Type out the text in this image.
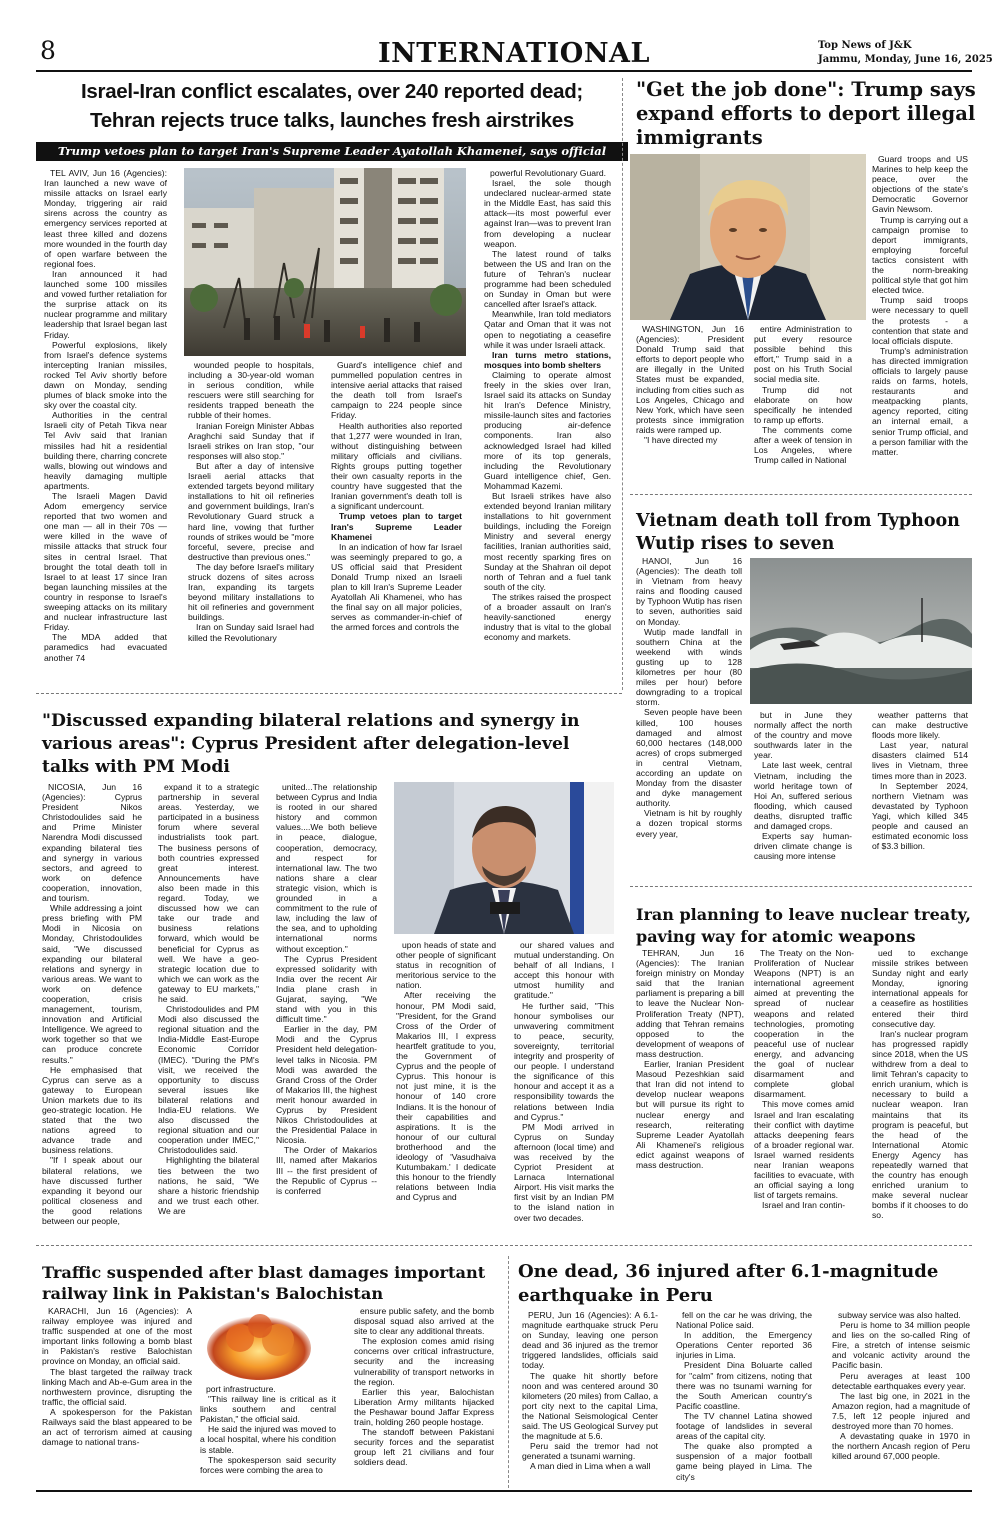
8	INTERNATIONAL	Top News of J&K
Jammu, Monday, June 16, 2025
Israel-Iran conflict escalates, over 240 reported dead;
Tehran rejects truce talks, launches fresh airstrikes
Trump vetoes plan to target Iran's Supreme Leader Ayatollah Khamenei, says official

TEL AVIV, Jun 16 (Agencies): Iran launched a new wave of missile attacks on Israel early Monday, triggering air raid sirens across the country as emergency services reported at least three killed and dozens more wounded in the fourth day of open warfare between the regional foes.

Iran announced it had launched some 100 missiles and vowed further retaliation for the surprise attack on its nuclear programme and military leadership that Israel began last Friday.

Powerful explosions, likely from Israel's defence systems intercepting Iranian missiles, rocked Tel Aviv shortly before dawn on Monday, sending plumes of black smoke into the sky over the coastal city.

Authorities in the central Israeli city of Petah Tikva near Tel Aviv said that Iranian missiles had hit a residential building there, charring concrete walls, blowing out windows and heavily damaging multiple apartments.

The Israeli Magen David Adom emergency service reported that two women and one man — all in their 70s — were killed in the wave of missile attacks that struck four sites in central Israel. That brought the total death toll in Israel to at least 17 since Iran began launching missiles at the country in response to Israel's sweeping attacks on its military and nuclear infrastructure last Friday.

The MDA added that paramedics had evacuated another 74

wounded people to hospitals, including a 30-year-old woman in serious condition, while rescuers were still searching for residents trapped beneath the rubble of their homes.

Iranian Foreign Minister Abbas Araghchi said Sunday that if Israeli strikes on Iran stop, "our responses will also stop."

But after a day of intensive Israeli aerial attacks that extended targets beyond military installations to hit oil refineries and government buildings, Iran's Revolutionary Guard struck a hard line, vowing that further rounds of strikes would be "more forceful, severe, precise and destructive than previous ones."

The day before Israel's military struck dozens of sites across Iran, expanding its targets beyond military installations to hit oil refineries and government buildings.

Iran on Sunday said Israel had killed the Revolutionary

Guard's intelligence chief and pummelled population centres in intensive aerial attacks that raised the death toll from Israel's campaign to 224 people since Friday.

Health authorities also reported that 1,277 were wounded in Iran, without distinguishing between military officials and civilians. Rights groups putting together their own casualty reports in the country have suggested that the Iranian government's death toll is a significant undercount.

Trump vetoes plan to target Iran's Supreme Leader Khamenei

In an indication of how far Israel was seemingly prepared to go, a US official said that President Donald Trump nixed an Israeli plan to kill Iran's Supreme Leader Ayatollah Ali Khamenei, who has the final say on all major policies, serves as commander-in-chief of the armed forces and controls the

powerful Revolutionary Guard.

Israel, the sole though undeclared nuclear-armed state in the Middle East, has said this attack—its most powerful ever against Iran—was to prevent Iran from developing a nuclear weapon.

The latest round of talks between the US and Iran on the future of Tehran's nuclear programme had been scheduled on Sunday in Oman but were cancelled after Israel's attack.

Meanwhile, Iran told mediators Qatar and Oman that it was not open to negotiating a ceasefire while it was under Israeli attack.

Iran turns metro stations, mosques into bomb shelters

Claiming to operate almost freely in the skies over Iran, Israel said its attacks on Sunday hit Iran's Defence Ministry, missile-launch sites and factories producing air-defence components. Iran also acknowledged Israel had killed more of its top generals, including the Revolutionary Guard intelligence chief, Gen. Mohammad Kazemi.

But Israeli strikes have also extended beyond Iranian military installations to hit government buildings, including the Foreign Ministry and several energy facilities, Iranian authorities said, most recently sparking fires on Sunday at the Shahran oil depot north of Tehran and a fuel tank south of the city.

The strikes raised the prospect of a broader assault on Iran's heavily-sanctioned energy industry that is vital to the global economy and markets.

"Get the job done": Trump says expand efforts to deport illegal immigrants

WASHINGTON, Jun 16 (Agencies): President Donald Trump said that efforts to deport people who are illegally in the United States must be expanded, including from cities such as Los Angeles, Chicago and New York, which have seen protests since immigration raids were ramped up.

"I have directed my

entire Administration to put every resource possible behind this effort," Trump said in a post on his Truth Social social media site.

Trump did not elaborate on how specifically he intended to ramp up efforts.

The comments come after a week of tension in Los Angeles, where Trump called in National

Guard troops and US Marines to help keep the peace, over the objections of the state's Democratic Governor Gavin Newsom.

Trump is carrying out a campaign promise to deport immigrants, employing forceful tactics consistent with the norm-breaking political style that got him elected twice.

Trump said troops were necessary to quell the protests - a contention that state and local officials dispute.

Trump's administration has directed immigration officials to largely pause raids on farms, hotels, restaurants and meatpacking plants, agency reported, citing an internal email, a senior Trump official, and a person familiar with the matter.

Vietnam death toll from Typhoon Wutip rises to seven

HANOI, Jun 16 (Agencies): The death toll in Vietnam from heavy rains and flooding caused by Typhoon Wutip has risen to seven, authorities said on Monday.

Wutip made landfall in southern China at the weekend with winds gusting up to 128 kilometres per hour (80 miles per hour) before downgrading to a tropical storm.

Seven people have been killed, 100 houses damaged and almost 60,000 hectares (148,000 acres) of crops submerged in central Vietnam, according an update on Monday from the disaster and dyke management authority.

Vietnam is hit by roughly a dozen tropical storms every year,

but in June they normally affect the north of the country and move southwards later in the year.

Late last week, central Vietnam, including the world heritage town of Hoi An, suffered serious flooding, which caused deaths, disrupted traffic and damaged crops.

Experts say human-driven climate change is causing more intense

weather patterns that can make destructive floods more likely.

Last year, natural disasters claimed 514 lives in Vietnam, three times more than in 2023.

In September 2024, northern Vietnam was devastated by Typhoon Yagi, which killed 345 people and caused an estimated economic loss of $3.3 billion.

"Discussed expanding bilateral relations and synergy in various areas": Cyprus President after delegation-level talks with PM Modi

NICOSIA, Jun 16 (Agencies): Cyprus President Nikos Christodoulides said he and Prime Minister Narendra Modi discussed expanding bilateral ties and synergy in various sectors, and agreed to work on defence cooperation, innovation, and tourism.

While addressing a joint press briefing with PM Modi in Nicosia on Monday, Christodoulides said, "We discussed expanding our bilateral relations and synergy in various areas. We want to work on defence cooperation, crisis management, tourism, innovation and Artificial Intelligence. We agreed to work together so that we can produce concrete results."

He emphasised that Cyprus can serve as a gateway to European Union markets due to its geo-strategic location. He stated that the two nations agreed to advance trade and business relations.

"If I speak about our bilateral relations, we have discussed further expanding it beyond our political closeness and the good relations between our people,

expand it to a strategic partnership in several areas. Yesterday, we participated in a business forum where several industrialists took part. The business persons of both countries expressed great interest. Announcements have also been made in this regard. Today, we discussed how we can take our trade and business relations forward, which would be beneficial for Cyprus as well. We have a geo-strategic location due to which we can work as the gateway to EU markets," he said.

Christodoulides and PM Modi also discussed the regional situation and the India-Middle East-Europe Economic Corridor (IMEC). "During the PM's visit, we received the opportunity to discuss several issues like bilateral relations and India-EU relations. We also discussed the regional situation and our cooperation under IMEC," Christodoulides said.

Highlighting the bilateral ties between the two nations, he said, "We share a historic friendship and we trust each other. We are

united...The relationship between Cyprus and India is rooted in our shared history and common values....We both believe in peace, dialogue, cooperation, democracy, and respect for international law. The two nations share a clear strategic vision, which is grounded in a commitment to the rule of law, including the law of the sea, and to upholding international norms without exception."

The Cyprus President expressed solidarity with India over the recent Air India plane crash in Gujarat, saying, "We stand with you in this difficult time."

Earlier in the day, PM Modi and the Cyprus President held delegation-level talks in Nicosia. PM Modi was awarded the Grand Cross of the Order of Makarios III, the highest merit honour awarded in Cyprus by President Nikos Christodoulides at the Presidential Palace in Nicosia.

The Order of Makarios III, named after Makarios III -- the first president of the Republic of Cyprus -- is conferred

upon heads of state and other people of significant status in recognition of meritorious service to the nation.

After receiving the honour, PM Modi said, "President, for the Grand Cross of the Order of Makarios III, I express heartfelt gratitude to you, the Government of Cyprus and the people of Cyprus. This honour is not just mine, it is the honour of 140 crore Indians. It is the honour of their capabilities and aspirations. It is the honour of our cultural brotherhood and the ideology of 'Vasudhaiva Kutumbakam.' I dedicate this honour to the friendly relations between India and Cyprus and

our shared values and mutual understanding. On behalf of all Indians, I accept this honour with utmost humility and gratitude."

He further said, "This honour symbolises our unwavering commitment to peace, security, sovereignty, territorial integrity and prosperity of our people. I understand the significance of this honour and accept it as a responsibility towards the relations between India and Cyprus."

PM Modi arrived in Cyprus on Sunday afternoon (local time) and was received by the Cypriot President at Larnaca International Airport. His visit marks the first visit by an Indian PM to the island nation in over two decades.

Iran planning to leave nuclear treaty, paving way for atomic weapons

TEHRAN, Jun 16 (Agencies): The Iranian foreign ministry on Monday said that the Iranian parliament is preparing a bill to leave the Nuclear Non-Proliferation Treaty (NPT), adding that Tehran remains opposed to the development of weapons of mass destruction.

Earlier, Iranian President Masoud Pezeshkian said that Iran did not intend to develop nuclear weapons but will pursue its right to nuclear energy and research, reiterating Supreme Leader Ayatollah Ali Khamenei's religious edict against weapons of mass destruction.

The Treaty on the Non-Proliferation of Nuclear Weapons (NPT) is an international agreement aimed at preventing the spread of nuclear weapons and related technologies, promoting cooperation in the peaceful use of nuclear energy, and advancing the goal of nuclear disarmament and complete global disarmament.

This move comes amid Israel and Iran escalating their conflict with daytime attacks deepening fears of a broader regional war. Israel warned residents near Iranian weapons facilities to evacuate, with an official saying a long list of targets remains.

Israel and Iran contin-

ued to exchange missile strikes between Sunday night and early Monday, ignoring international appeals for a ceasefire as hostilities entered their third consecutive day.

Iran's nuclear program has progressed rapidly since 2018, when the US withdrew from a deal to limit Tehran's capacity to enrich uranium, which is necessary to build a nuclear weapon. Iran maintains that its program is peaceful, but the head of the International Atomic Energy Agency has repeatedly warned that the country has enough enriched uranium to make several nuclear bombs if it chooses to do so.

Traffic suspended after blast damages important railway link in Pakistan's Balochistan

KARACHI, Jun 16 (Agencies): A railway employee was injured and traffic suspended at one of the most important links following a bomb blast in Pakistan's restive Balochistan province on Monday, an official said.

The blast targeted the railway track linking Mach and Ab-e-Gum area in the northwestern province, disrupting the traffic, the official said.

A spokesperson for the Pakistan Railways said the blast appeared to be an act of terrorism aimed at causing damage to national trans-

port infrastructure.

"This railway line is critical as it links southern and central Pakistan," the official said.

He said the injured was moved to a local hospital, where his condition is stable.

The spokesperson said security forces were combing the area to

ensure public safety, and the bomb disposal squad also arrived at the site to clear any additional threats.

The explosion comes amid rising concerns over critical infrastructure, security and the increasing vulnerability of transport networks in the region.

Earlier this year, Balochistan Liberation Army militants hijacked the Peshawar bound Jaffar Express train, holding 260 people hostage.

The standoff between Pakistani security forces and the separatist group left 21 civilians and four soldiers dead.

One dead, 36 injured after 6.1-magnitude earthquake in Peru

PERU, Jun 16 (Agencies): A 6.1-magnitude earthquake struck Peru on Sunday, leaving one person dead and 36 injured as the tremor triggered landslides, officials said today.

The quake hit shortly before noon and was centered around 30 kilometers (20 miles) from Callao, a port city next to the capital Lima, the National Seismological Center said. The US Geological Survey put the magnitude at 5.6.

Peru said the tremor had not generated a tsunami warning.

A man died in Lima when a wall

fell on the car he was driving, the National Police said.

In addition, the Emergency Operations Center reported 36 injuries in Lima.

President Dina Boluarte called for "calm" from citizens, noting that there was no tsunami warning for the South American country's Pacific coastline.

The TV channel Latina showed footage of landslides in several areas of the capital city.

The quake also prompted a suspension of a major football game being played in Lima. The city's

subway service was also halted.

Peru is home to 34 million people and lies on the so-called Ring of Fire, a stretch of intense seismic and volcanic activity around the Pacific basin.

Peru averages at least 100 detectable earthquakes every year.

The last big one, in 2021 in the Amazon region, had a magnitude of 7.5, left 12 people injured and destroyed more than 70 homes.

A devastating quake in 1970 in the northern Ancash region of Peru killed around 67,000 people.
